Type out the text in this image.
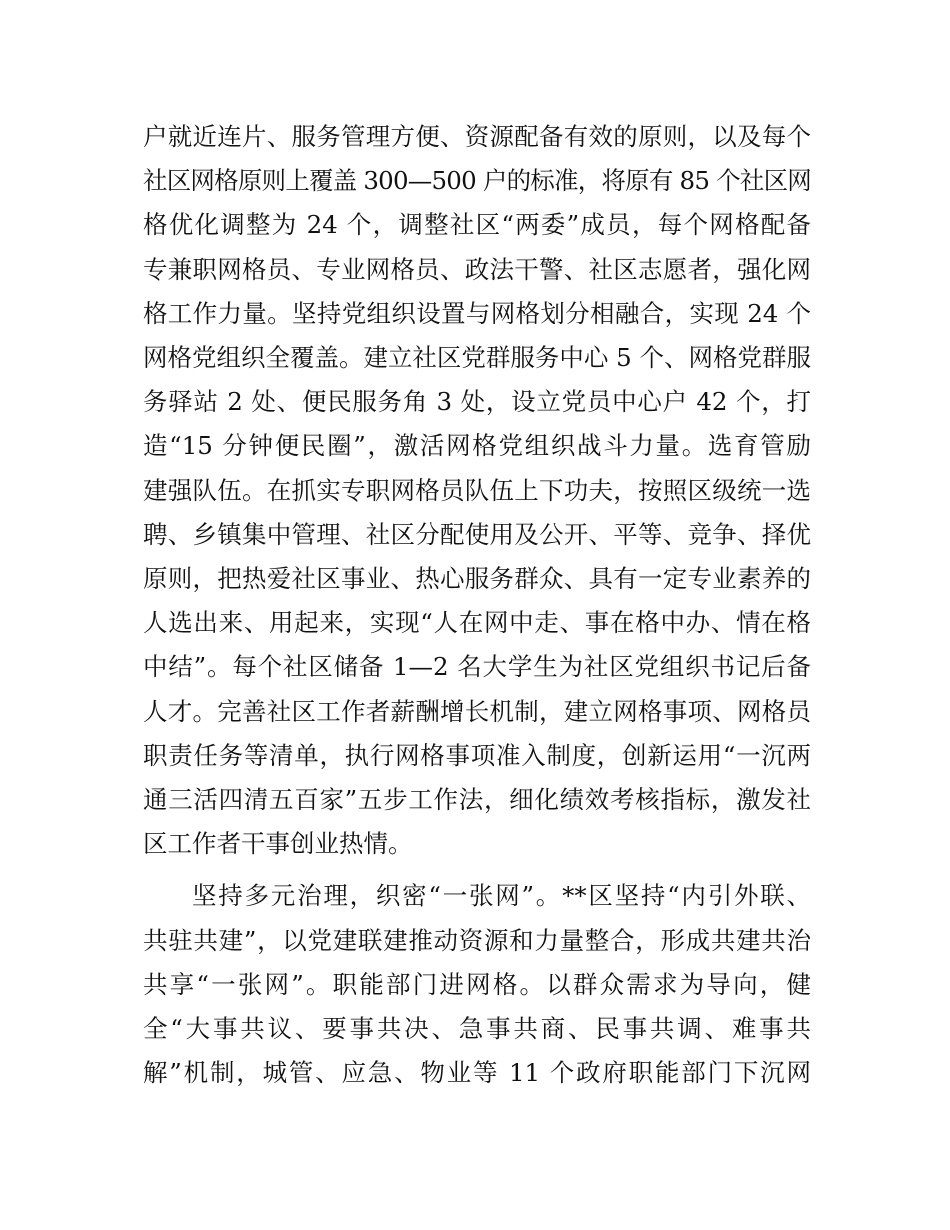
户就近连片、服务管理方便、资源配备有效的原则，以及每个
社区网格原则上覆盖 300—500 户的标准，将原有 85 个社区网
格优化调整为 24 个，调整社区“两委”成员，每个网格配备
专兼职网格员、专业网格员、政法干警、社区志愿者，强化网
格工作力量。坚持党组织设置与网格划分相融合，实现 24 个
网格党组织全覆盖。建立社区党群服务中心 5 个、网格党群服
务驿站 2 处、便民服务角 3 处，设立党员中心户 42 个，打
造“15 分钟便民圈”，激活网格党组织战斗力量。选育管励
建强队伍。在抓实专职网格员队伍上下功夫，按照区级统一选
聘、乡镇集中管理、社区分配使用及公开、平等、竞争、择优
原则，把热爱社区事业、热心服务群众、具有一定专业素养的
人选出来、用起来，实现“人在网中走、事在格中办、情在格
中结”。每个社区储备 1—2 名大学生为社区党组织书记后备
人才。完善社区工作者薪酬增长机制，建立网格事项、网格员
职责任务等清单，执行网格事项准入制度，创新运用“一沉两
通三活四清五百家”五步工作法，细化绩效考核指标，激发社
区工作者干事创业热情。
坚持多元治理，织密“一张网”。**区坚持“内引外联、
共驻共建”，以党建联建推动资源和力量整合，形成共建共治
共享“一张网”。职能部门进网格。以群众需求为导向，健
全“大事共议、要事共决、急事共商、民事共调、难事共
解”机制，城管、应急、物业等 11 个政府职能部门下沉网
